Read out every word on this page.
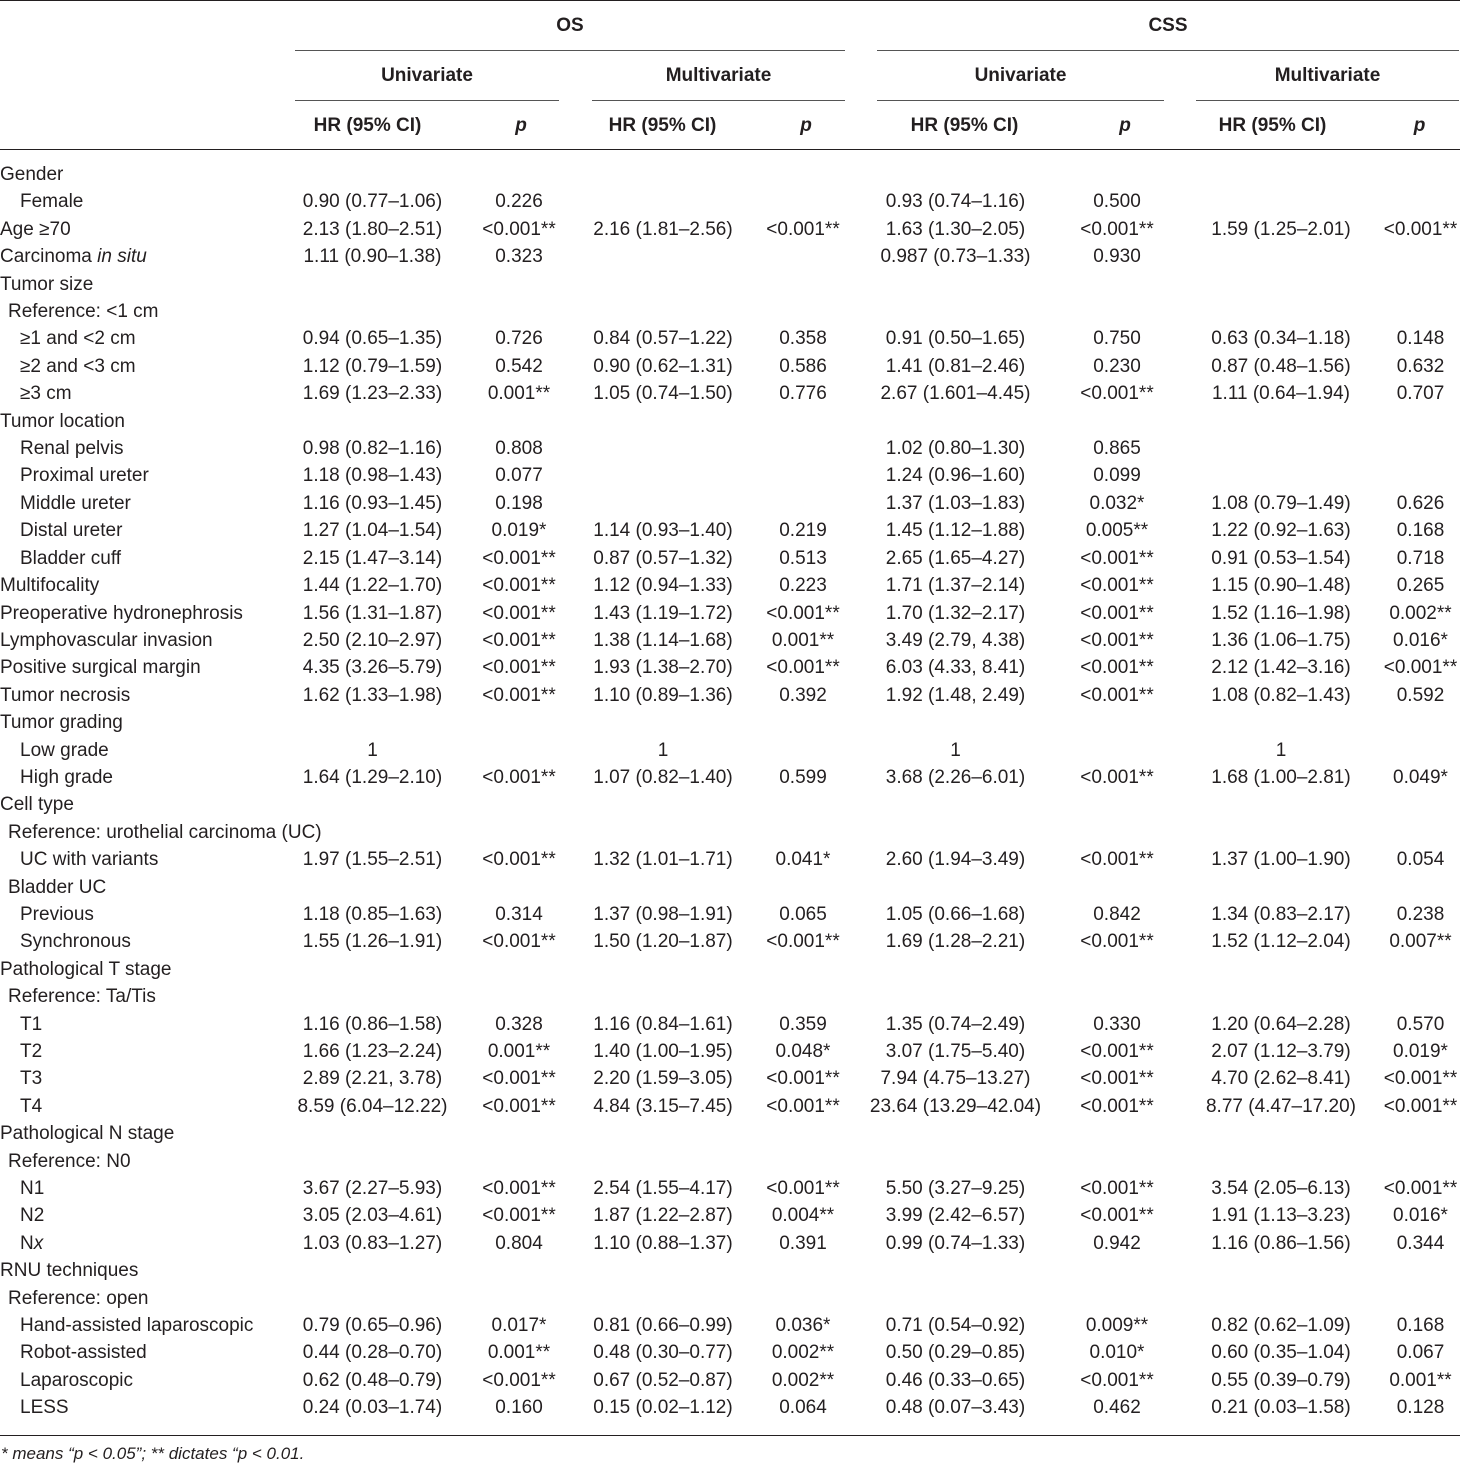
OS	CSS
Univariate	Multivariate	Univariate	Multivariate
HR (95% CI)	p	HR (95% CI)	p	HR (95% CI)	p	HR (95% CI)	p
Gender								
Female	0.90 (0.77–1.06)	0.226			0.93 (0.74–1.16)	0.500		
Age ≥70	2.13 (1.80–2.51)	<0.001**	2.16 (1.81–2.56)	<0.001**	1.63 (1.30–2.05)	<0.001**	1.59 (1.25–2.01)	<0.001**
Carcinoma in situ	1.11 (0.90–1.38)	0.323			0.987 (0.73–1.33)	0.930		
Tumor size								
Reference: <1 cm								
≥1 and <2 cm	0.94 (0.65–1.35)	0.726	0.84 (0.57–1.22)	0.358	0.91 (0.50–1.65)	0.750	0.63 (0.34–1.18)	0.148
≥2 and <3 cm	1.12 (0.79–1.59)	0.542	0.90 (0.62–1.31)	0.586	1.41 (0.81–2.46)	0.230	0.87 (0.48–1.56)	0.632
≥3 cm	1.69 (1.23–2.33)	0.001**	1.05 (0.74–1.50)	0.776	2.67 (1.601–4.45)	<0.001**	1.11 (0.64–1.94)	0.707
Tumor location								
Renal pelvis	0.98 (0.82–1.16)	0.808			1.02 (0.80–1.30)	0.865		
Proximal ureter	1.18 (0.98–1.43)	0.077			1.24 (0.96–1.60)	0.099		
Middle ureter	1.16 (0.93–1.45)	0.198			1.37 (1.03–1.83)	0.032*	1.08 (0.79–1.49)	0.626
Distal ureter	1.27 (1.04–1.54)	0.019*	1.14 (0.93–1.40)	0.219	1.45 (1.12–1.88)	0.005**	1.22 (0.92–1.63)	0.168
Bladder cuff	2.15 (1.47–3.14)	<0.001**	0.87 (0.57–1.32)	0.513	2.65 (1.65–4.27)	<0.001**	0.91 (0.53–1.54)	0.718
Multifocality	1.44 (1.22–1.70)	<0.001**	1.12 (0.94–1.33)	0.223	1.71 (1.37–2.14)	<0.001**	1.15 (0.90–1.48)	0.265
Preoperative hydronephrosis	1.56 (1.31–1.87)	<0.001**	1.43 (1.19–1.72)	<0.001**	1.70 (1.32–2.17)	<0.001**	1.52 (1.16–1.98)	0.002**
Lymphovascular invasion	2.50 (2.10–2.97)	<0.001**	1.38 (1.14–1.68)	0.001**	3.49 (2.79, 4.38)	<0.001**	1.36 (1.06–1.75)	0.016*
Positive surgical margin	4.35 (3.26–5.79)	<0.001**	1.93 (1.38–2.70)	<0.001**	6.03 (4.33, 8.41)	<0.001**	2.12 (1.42–3.16)	<0.001**
Tumor necrosis	1.62 (1.33–1.98)	<0.001**	1.10 (0.89–1.36)	0.392	1.92 (1.48, 2.49)	<0.001**	1.08 (0.82–1.43)	0.592
Tumor grading								
Low grade	1		1		1		1	
High grade	1.64 (1.29–2.10)	<0.001**	1.07 (0.82–1.40)	0.599	3.68 (2.26–6.01)	<0.001**	1.68 (1.00–2.81)	0.049*
Cell type								
Reference: urothelial carcinoma (UC)								
UC with variants	1.97 (1.55–2.51)	<0.001**	1.32 (1.01–1.71)	0.041*	2.60 (1.94–3.49)	<0.001**	1.37 (1.00–1.90)	0.054
Bladder UC								
Previous	1.18 (0.85–1.63)	0.314	1.37 (0.98–1.91)	0.065	1.05 (0.66–1.68)	0.842	1.34 (0.83–2.17)	0.238
Synchronous	1.55 (1.26–1.91)	<0.001**	1.50 (1.20–1.87)	<0.001**	1.69 (1.28–2.21)	<0.001**	1.52 (1.12–2.04)	0.007**
Pathological T stage								
Reference: Ta/Tis								
T1	1.16 (0.86–1.58)	0.328	1.16 (0.84–1.61)	0.359	1.35 (0.74–2.49)	0.330	1.20 (0.64–2.28)	0.570
T2	1.66 (1.23–2.24)	0.001**	1.40 (1.00–1.95)	0.048*	3.07 (1.75–5.40)	<0.001**	2.07 (1.12–3.79)	0.019*
T3	2.89 (2.21, 3.78)	<0.001**	2.20 (1.59–3.05)	<0.001**	7.94 (4.75–13.27)	<0.001**	4.70 (2.62–8.41)	<0.001**
T4	8.59 (6.04–12.22)	<0.001**	4.84 (3.15–7.45)	<0.001**	23.64 (13.29–42.04)	<0.001**	8.77 (4.47–17.20)	<0.001**
Pathological N stage								
Reference: N0								
N1	3.67 (2.27–5.93)	<0.001**	2.54 (1.55–4.17)	<0.001**	5.50 (3.27–9.25)	<0.001**	3.54 (2.05–6.13)	<0.001**
N2	3.05 (2.03–4.61)	<0.001**	1.87 (1.22–2.87)	0.004**	3.99 (2.42–6.57)	<0.001**	1.91 (1.13–3.23)	0.016*
Nx	1.03 (0.83–1.27)	0.804	1.10 (0.88–1.37)	0.391	0.99 (0.74–1.33)	0.942	1.16 (0.86–1.56)	0.344
RNU techniques								
Reference: open								
Hand-assisted laparoscopic	0.79 (0.65–0.96)	0.017*	0.81 (0.66–0.99)	0.036*	0.71 (0.54–0.92)	0.009**	0.82 (0.62–1.09)	0.168
Robot-assisted	0.44 (0.28–0.70)	0.001**	0.48 (0.30–0.77)	0.002**	0.50 (0.29–0.85)	0.010*	0.60 (0.35–1.04)	0.067
Laparoscopic	0.62 (0.48–0.79)	<0.001**	0.67 (0.52–0.87)	0.002**	0.46 (0.33–0.65)	<0.001**	0.55 (0.39–0.79)	0.001**
LESS	0.24 (0.03–1.74)	0.160	0.15 (0.02–1.12)	0.064	0.48 (0.07–3.43)	0.462	0.21 (0.03–1.58)	0.128
* means “p < 0.05”; ** dictates “p < 0.01.
